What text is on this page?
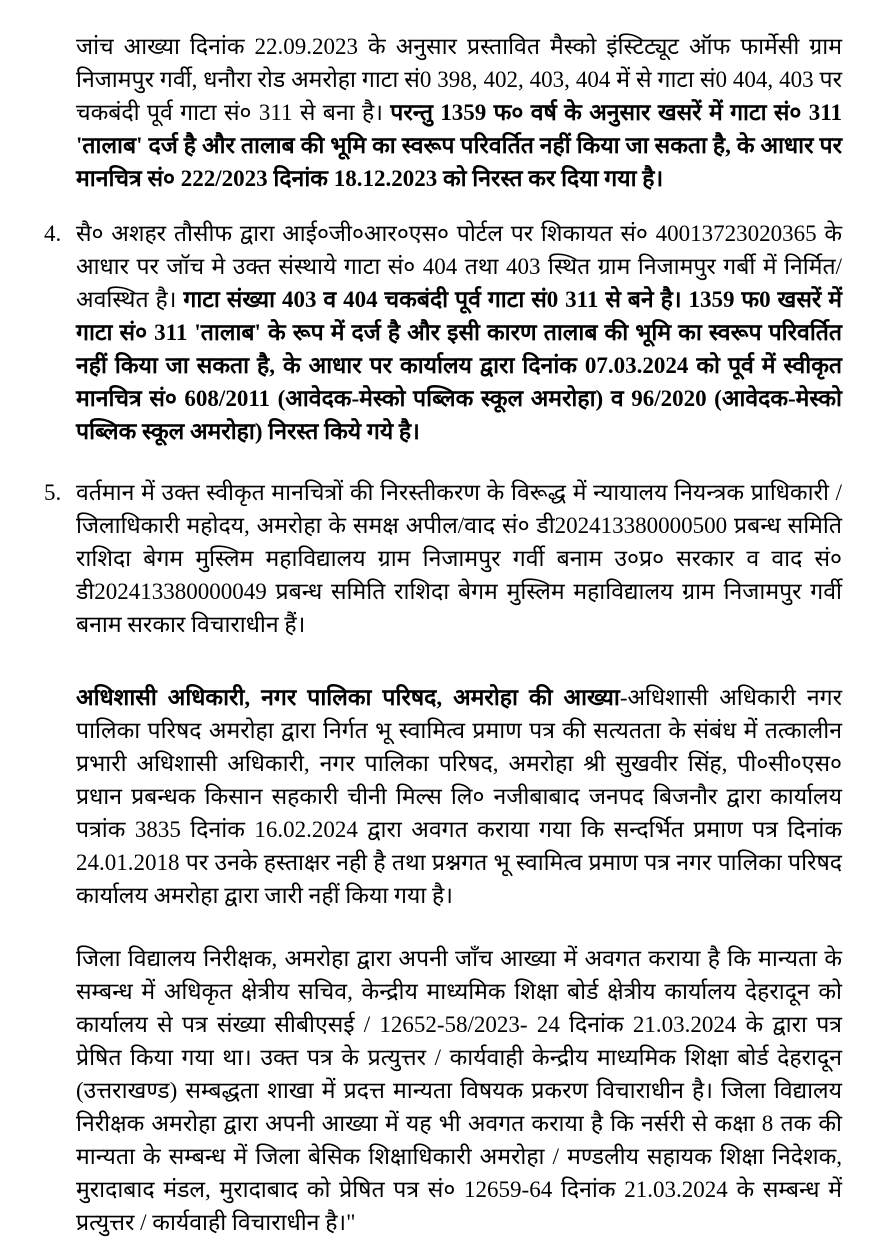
जांच आख्या दिनांक 22.09.2023 के अनुसार प्रस्तावित मैस्को इंस्टिट्यूट ऑफ फार्मेसी ग्राम निजामपुर गर्वी, धनौरा रोड अमरोहा गाटा सं0 398, 402, 403, 404 में से गाटा सं0 404, 403 पर चकबंदी पूर्व गाटा सं० 311 से बना है। परन्तु 1359 फ० वर्ष के अनुसार खसरें में गाटा सं० 311 'तालाब' दर्ज है और तालाब की भूमि का स्वरूप परिवर्तित नहीं किया जा सकता है, के आधार पर मानचित्र सं० 222/2023 दिनांक 18.12.2023 को निरस्त कर दिया गया है।
4. सै० अशहर तौसीफ द्वारा आई०जी०आर०एस० पोर्टल पर शिकायत सं० 40013723020365 के आधार पर जॉच मे उक्त संस्थाये गाटा सं० 404 तथा 403 स्थित ग्राम निजामपुर गर्बी में निर्मित/अवस्थित है। गाटा संख्या 403 व 404 चकबंदी पूर्व गाटा सं0 311 से बने है। 1359 फ0 खसरें में गाटा सं० 311 'तालाब' के रूप में दर्ज है और इसी कारण तालाब की भूमि का स्वरूप परिवर्तित नहीं किया जा सकता है, के आधार पर कार्यालय द्वारा दिनांक 07.03.2024 को पूर्व में स्वीकृत मानचित्र सं० 608/2011 (आवेदक-मेस्को पब्लिक स्कूल अमरोहा) व 96/2020 (आवेदक-मेस्को पब्लिक स्कूल अमरोहा) निरस्त किये गये है।
5. वर्तमान में उक्त स्वीकृत मानचित्रों की निरस्तीकरण के विरूद्ध में न्यायालय नियन्त्रक प्राधिकारी / जिलाधिकारी महोदय, अमरोहा के समक्ष अपील/वाद सं० डी202413380000500 प्रबन्ध समिति राशिदा बेगम मुस्लिम महाविद्यालय ग्राम निजामपुर गर्वी बनाम उ०प्र० सरकार व वाद सं० डी202413380000049 प्रबन्ध समिति राशिदा बेगम मुस्लिम महाविद्यालय ग्राम निजामपुर गर्वी बनाम सरकार विचाराधीन हैं।
अधिशासी अधिकारी, नगर पालिका परिषद, अमरोहा की आख्या-अधिशासी अधिकारी नगर पालिका परिषद अमरोहा द्वारा निर्गत भू स्वामित्व प्रमाण पत्र की सत्यतता के संबंध में तत्कालीन प्रभारी अधिशासी अधिकारी, नगर पालिका परिषद, अमरोहा श्री सुखवीर सिंह, पी०सी०एस० प्रधान प्रबन्धक किसान सहकारी चीनी मिल्स लि० नजीबाबाद जनपद बिजनौर द्वारा कार्यालय पत्रांक 3835 दिनांक 16.02.2024 द्वारा अवगत कराया गया कि सन्दर्भित प्रमाण पत्र दिनांक 24.01.2018 पर उनके हस्ताक्षर नही है तथा प्रश्नगत भू स्वामित्व प्रमाण पत्र नगर पालिका परिषद कार्यालय अमरोहा द्वारा जारी नहीं किया गया है।
जिला विद्यालय निरीक्षक, अमरोहा द्वारा अपनी जाँच आख्या में अवगत कराया है कि मान्यता के सम्बन्ध में अधिकृत क्षेत्रीय सचिव, केन्द्रीय माध्यमिक शिक्षा बोर्ड क्षेत्रीय कार्यालय देहरादून को कार्यालय से पत्र संख्या सीबीएसई / 12652-58/2023- 24 दिनांक 21.03.2024 के द्वारा पत्र प्रेषित किया गया था। उक्त पत्र के प्रत्युत्तर / कार्यवाही केन्द्रीय माध्यमिक शिक्षा बोर्ड देहरादून (उत्तराखण्ड) सम्बद्धता शाखा में प्रदत्त मान्यता विषयक प्रकरण विचाराधीन है। जिला विद्यालय निरीक्षक अमरोहा द्वारा अपनी आख्या में यह भी अवगत कराया है कि नर्सरी से कक्षा 8 तक की मान्यता के सम्बन्ध में जिला बेसिक शिक्षाधिकारी अमरोहा / मण्डलीय सहायक शिक्षा निदेशक, मुरादाबाद मंडल, मुरादाबाद को प्रेषित पत्र सं० 12659-64 दिनांक 21.03.2024 के सम्बन्ध में प्रत्युत्तर / कार्यवाही विचाराधीन है।"
